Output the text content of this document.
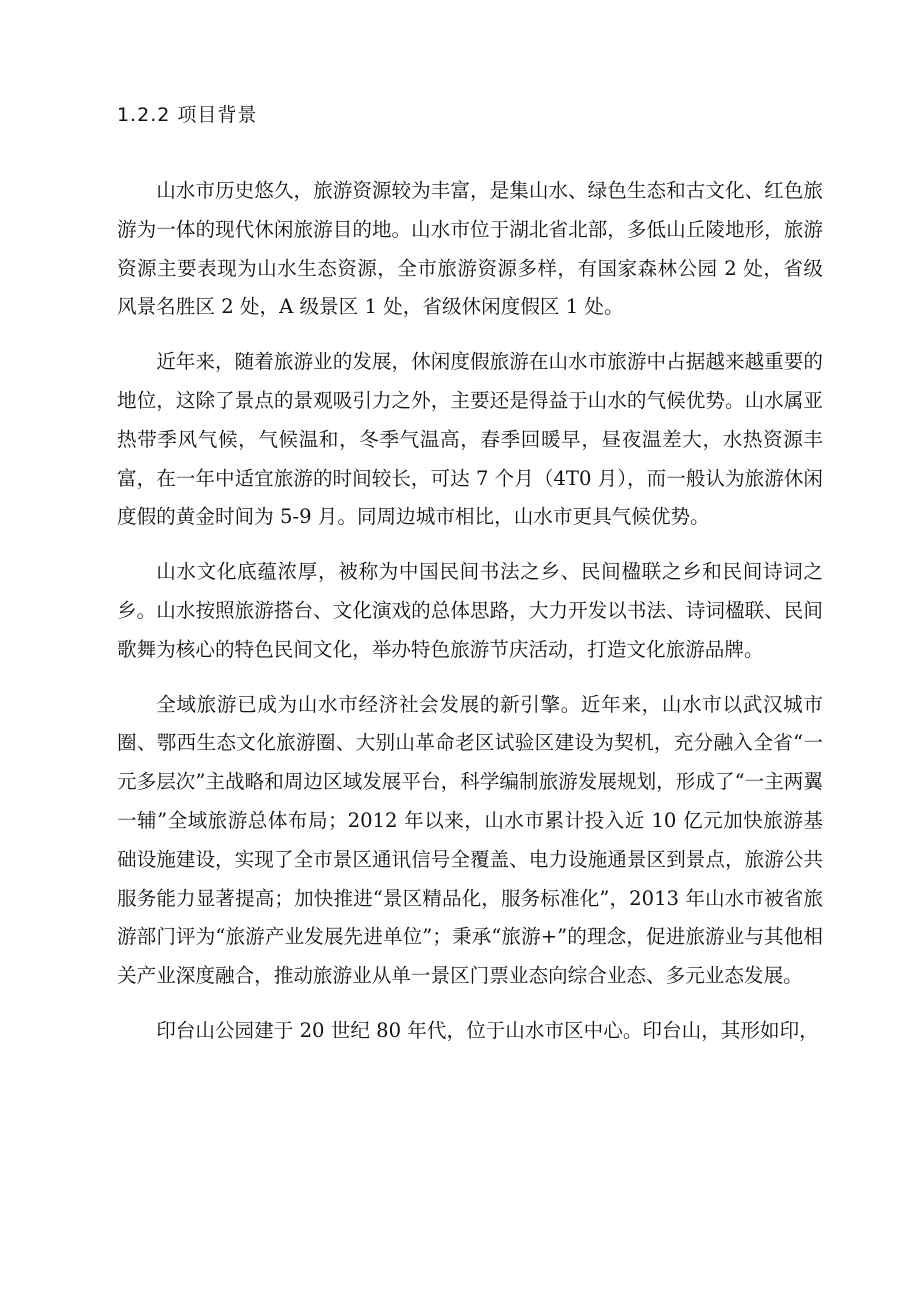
1.2.2 项目背景

山水市历史悠久，旅游资源较为丰富，是集山水、绿色生态和古文化、红色旅游为一体的现代休闲旅游目的地。山水市位于湖北省北部，多低山丘陵地形，旅游资源主要表现为山水生态资源，全市旅游资源多样，有国家森林公园 2 处，省级风景名胜区 2 处，A 级景区 1 处，省级休闲度假区 1 处。

近年来，随着旅游业的发展，休闲度假旅游在山水市旅游中占据越来越重要的地位，这除了景点的景观吸引力之外，主要还是得益于山水的气候优势。山水属亚热带季风气候，气候温和，冬季气温高，春季回暖早，昼夜温差大，水热资源丰富，在一年中适宜旅游的时间较长，可达 7 个月（4T0 月），而一般认为旅游休闲度假的黄金时间为 5-9 月。同周边城市相比，山水市更具气候优势。

山水文化底蕴浓厚，被称为中国民间书法之乡、民间楹联之乡和民间诗词之乡。山水按照旅游搭台、文化演戏的总体思路，大力开发以书法、诗词楹联、民间歌舞为核心的特色民间文化，举办特色旅游节庆活动，打造文化旅游品牌。

全域旅游已成为山水市经济社会发展的新引擎。近年来，山水市以武汉城市圈、鄂西生态文化旅游圈、大别山革命老区试验区建设为契机，充分融入全省“一元多层次”主战略和周边区域发展平台，科学编制旅游发展规划，形成了“一主两翼一辅”全域旅游总体布局；2012 年以来，山水市累计投入近 10 亿元加快旅游基础设施建设，实现了全市景区通讯信号全覆盖、电力设施通景区到景点，旅游公共服务能力显著提高；加快推进“景区精品化，服务标准化”，2013 年山水市被省旅游部门评为“旅游产业发展先进单位”；秉承“旅游+”的理念，促进旅游业与其他相关产业深度融合，推动旅游业从单一景区门票业态向综合业态、多元业态发展。

印台山公园建于 20 世纪 80 年代，位于山水市区中心。印台山，其形如印，
